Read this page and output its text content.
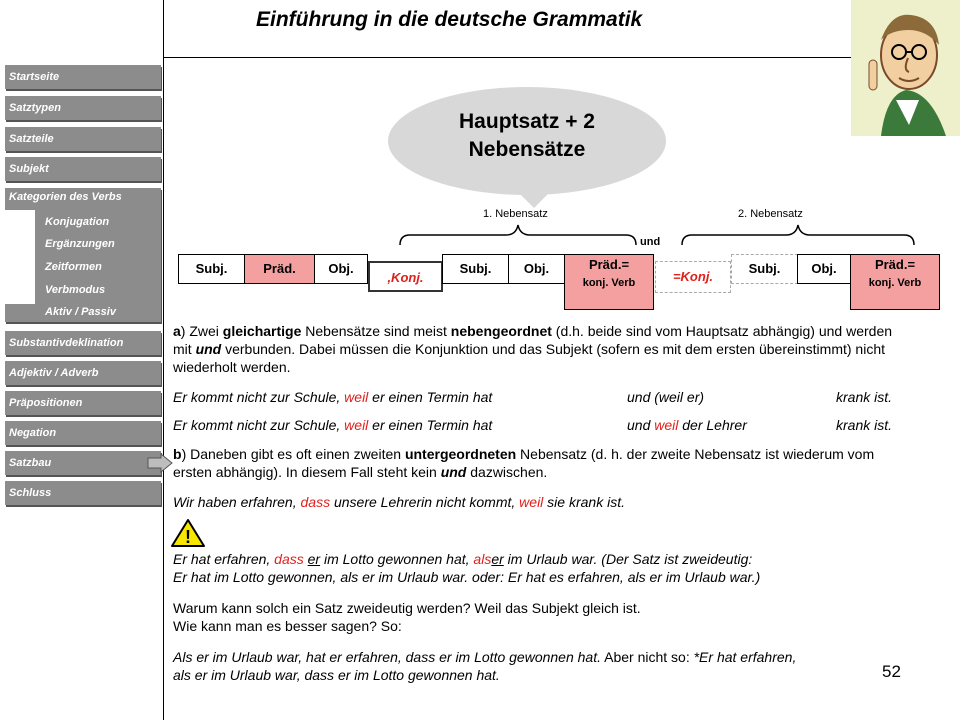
Einführung in die deutsche Grammatik
Startseite
Satztypen
Satzteile
Subjekt
Kategorien des Verbs
Konjugation
Ergänzungen
Zeitformen
Verbmodus
Aktiv / Passiv
Substantivdeklination
Adjektiv / Adverb
Präpositionen
Negation
Satzbau
Schluss
Hauptsatz + 2
Nebensätze
1. Nebensatz	2. Nebensatz
und
Subj.	Präd.	Obj.
,Konj.
Subj.	Obj.	Präd.=
konj. Verb	=Konj.
Subj.	Obj.	Präd.=
konj. Verb
a) Zwei gleichartige Nebensätze sind meist nebengeordnet (d.h. beide sind vom Hauptsatz abhängig) und werden mit und verbunden. Dabei müssen die Konjunktion und das Subjekt (sofern es mit dem ersten übereinstimmt) nicht wiederholt werden.
Er kommt nicht zur Schule, weil er einen Termin hat	und (weil er)	krank ist.
Er kommt nicht zur Schule, weil er einen Termin hat	und weil der Lehrer	krank ist.
b) Daneben gibt es oft einen zweiten untergeordneten Nebensatz (d. h. der zweite Nebensatz ist wiederum vom ersten abhängig). In diesem Fall steht kein und dazwischen.
Wir haben erfahren, dass unsere Lehrerin nicht kommt, weil sie krank ist.
!
Er hat erfahren, dass er im Lotto gewonnen hat, alser im Urlaub war. (Der Satz ist zweideutig:
Er hat im Lotto gewonnen, als er im Urlaub war. oder: Er hat es erfahren, als er im Urlaub war.)
Warum kann solch ein Satz zweideutig werden? Weil das Subjekt gleich ist.
Wie kann man es besser sagen? So:
Als er im Urlaub war, hat er erfahren, dass er im Lotto gewonnen hat. Aber nicht so: *Er hat erfahren,
als er im Urlaub war, dass er im Lotto gewonnen hat.	52
